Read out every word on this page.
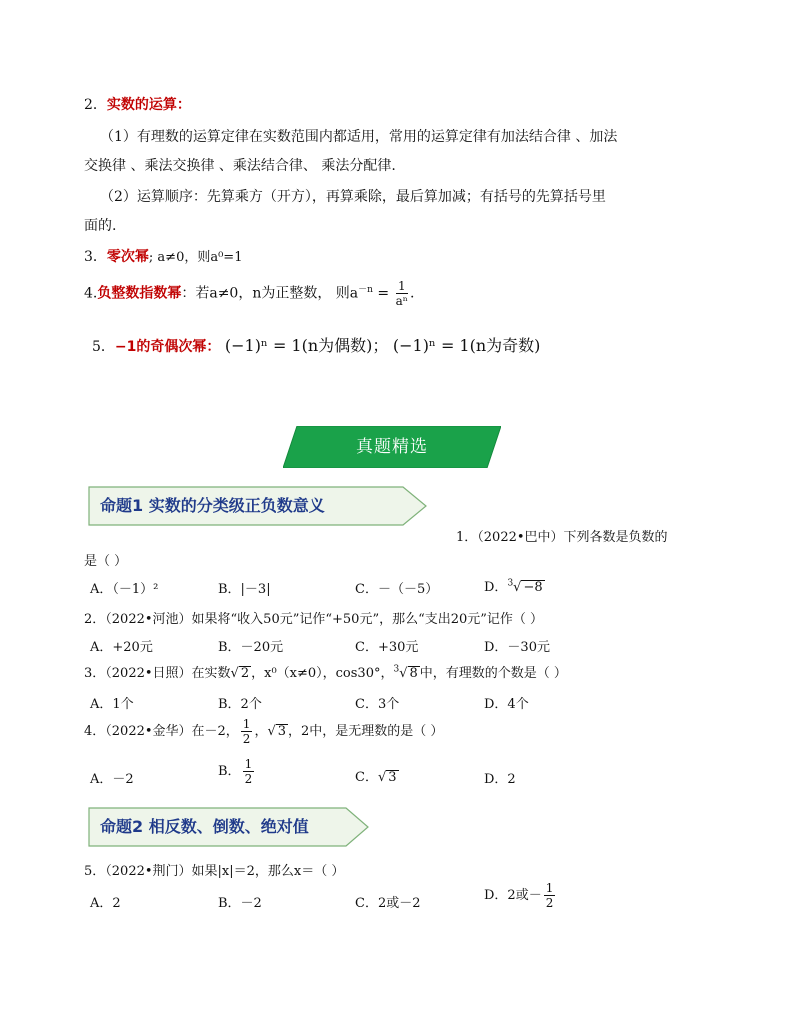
2．实数的运算：
（1）有理数的运算定律在实数范围内都适用，常用的运算定律有加法结合律 、加法
交换律 、乘法交换律 、乘法结合律、 乘法分配律.
（2）运算顺序：先算乘方（开方），再算乘除，最后算加减；有括号的先算括号里
面的.
3．零次幂; a≠0，则a⁰=1
4.负整数指数幂：若a≠0，n为正整数， 则$a^{-n} = \frac{1}{\text{aⁿ}}$ .
5．−1的奇偶次幂： (−1)ⁿ = 1(n为偶数)； (−1)ⁿ = 1(n为奇数)
真题精选
命题1 实数的分类级正负数意义
1．（2022•巴中）下列各数是负数的
是（ ）
A．（－1）²	B．|－3|	C．－（－5）	D．$^3$√ −8
2．（2022•河池）如果将“收入50元”记作“+50元”，那么“支出20元”记作（ ）
A．+20元	B．－20元	C．+30元	D．－30元
3．（2022•日照）在实数√ 2 ，x⁰（x≠0），cos30°，$^3$√ 8 中，有理数的个数是（ ）
A．1个	B．2个	C．3个	D．4个
4．（2022•金华）在－2， $\frac{1}{2}$ ，√ 3 ，2中，是无理数的是（ ）
A．－2
B． $\frac{1}{2}$	C．√ 3	D．2
命题2 相反数、倒数、绝对值
5．（2022•荆门）如果|x|＝2，那么x＝（ ）
A．2	B．－2	C．2或－2
D．2或－ $\frac{1}{2}$
